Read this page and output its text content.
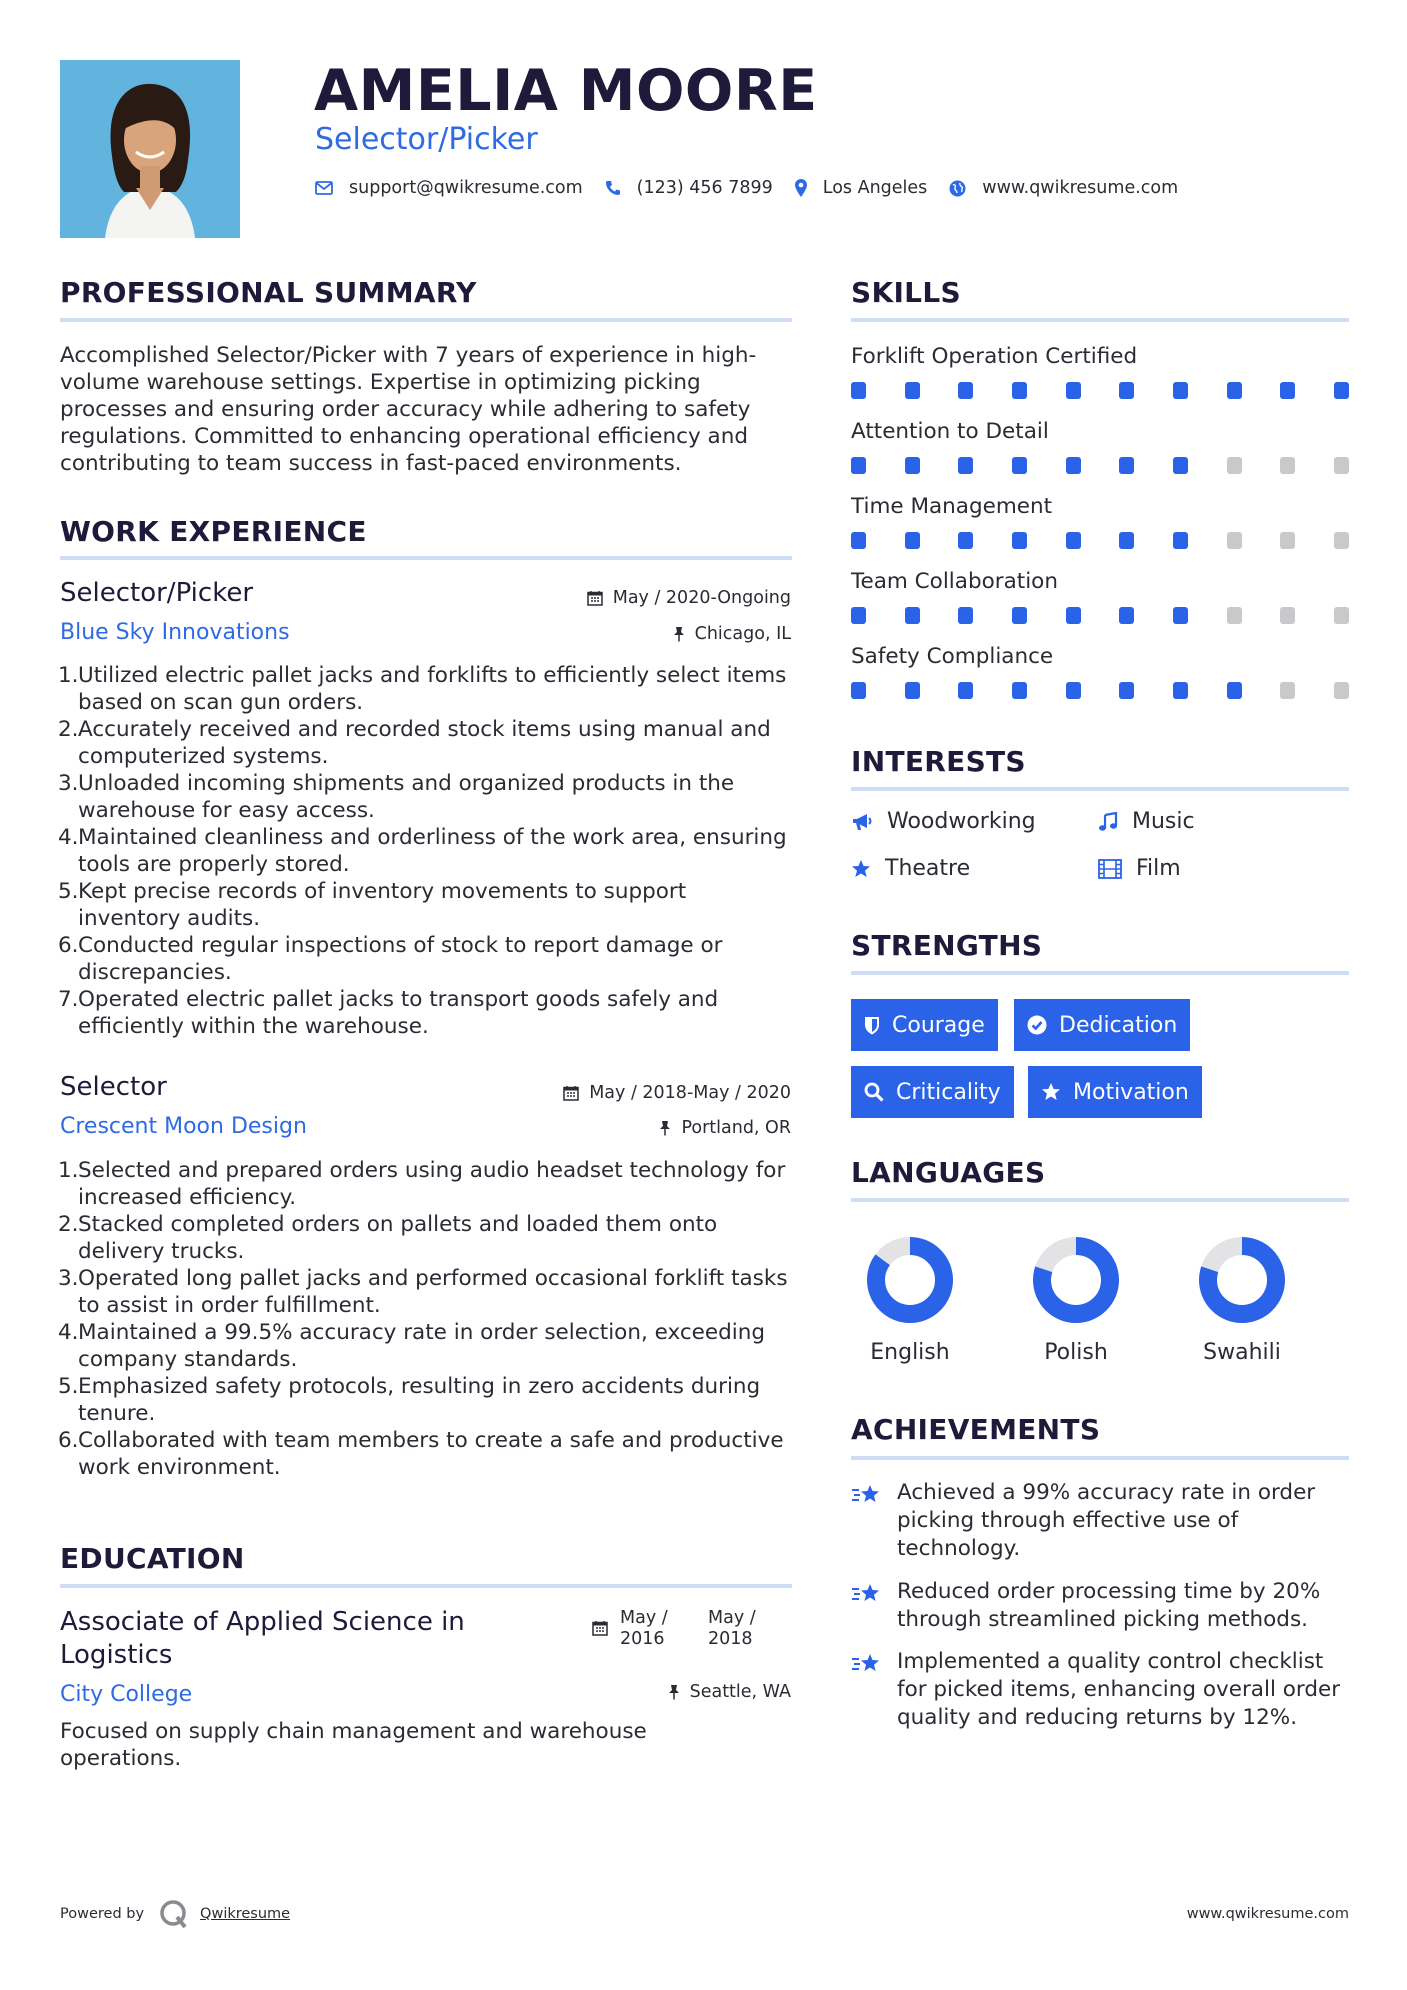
AMELIA MOORE
Selector/Picker
support@qwikresume.com	(123) 456 7899	Los Angeles	www.qwikresume.com
PROFESSIONAL SUMMARY
Accomplished Selector/Picker with 7 years of experience in high-volume warehouse settings. Expertise in optimizing picking processes and ensuring order accuracy while adhering to safety regulations. Committed to enhancing operational efficiency and contributing to team success in fast-paced environments.
WORK EXPERIENCE
Selector/Picker	May / 2020-Ongoing
Blue Sky Innovations	Chicago, IL
1. Utilized electric pallet jacks and forklifts to efficiently select items based on scan gun orders.
2. Accurately received and recorded stock items using manual and computerized systems.
3. Unloaded incoming shipments and organized products in the warehouse for easy access.
4. Maintained cleanliness and orderliness of the work area, ensuring tools are properly stored.
5. Kept precise records of inventory movements to support inventory audits.
6. Conducted regular inspections of stock to report damage or discrepancies.
7. Operated electric pallet jacks to transport goods safely and efficiently within the warehouse.
Selector	May / 2018-May / 2020
Crescent Moon Design	Portland, OR
1. Selected and prepared orders using audio headset technology for increased efficiency.
2. Stacked completed orders on pallets and loaded them onto delivery trucks.
3. Operated long pallet jacks and performed occasional forklift tasks to assist in order fulfillment.
4. Maintained a 99.5% accuracy rate in order selection, exceeding company standards.
5. Emphasized safety protocols, resulting in zero accidents during tenure.
6. Collaborated with team members to create a safe and productive work environment.
EDUCATION
Associate of Applied Science in Logistics
May / 2016
May / 2018
City College	Seattle, WA
Focused on supply chain management and warehouse operations.
SKILLS
Forklift Operation Certified
Attention to Detail
Time Management
Team Collaboration
Safety Compliance
INTERESTS
Woodworking	Music
Theatre	Film
STRENGTHS
Courage	Dedication
Criticality	Motivation
LANGUAGES
English	Polish	Swahili
ACHIEVEMENTS
Achieved a 99% accuracy rate in order picking through effective use of technology.
Reduced order processing time by 20% through streamlined picking methods.
Implemented a quality control checklist for picked items, enhancing overall order quality and reducing returns by 12%.
Powered by	Qwikresume	www.qwikresume.com
